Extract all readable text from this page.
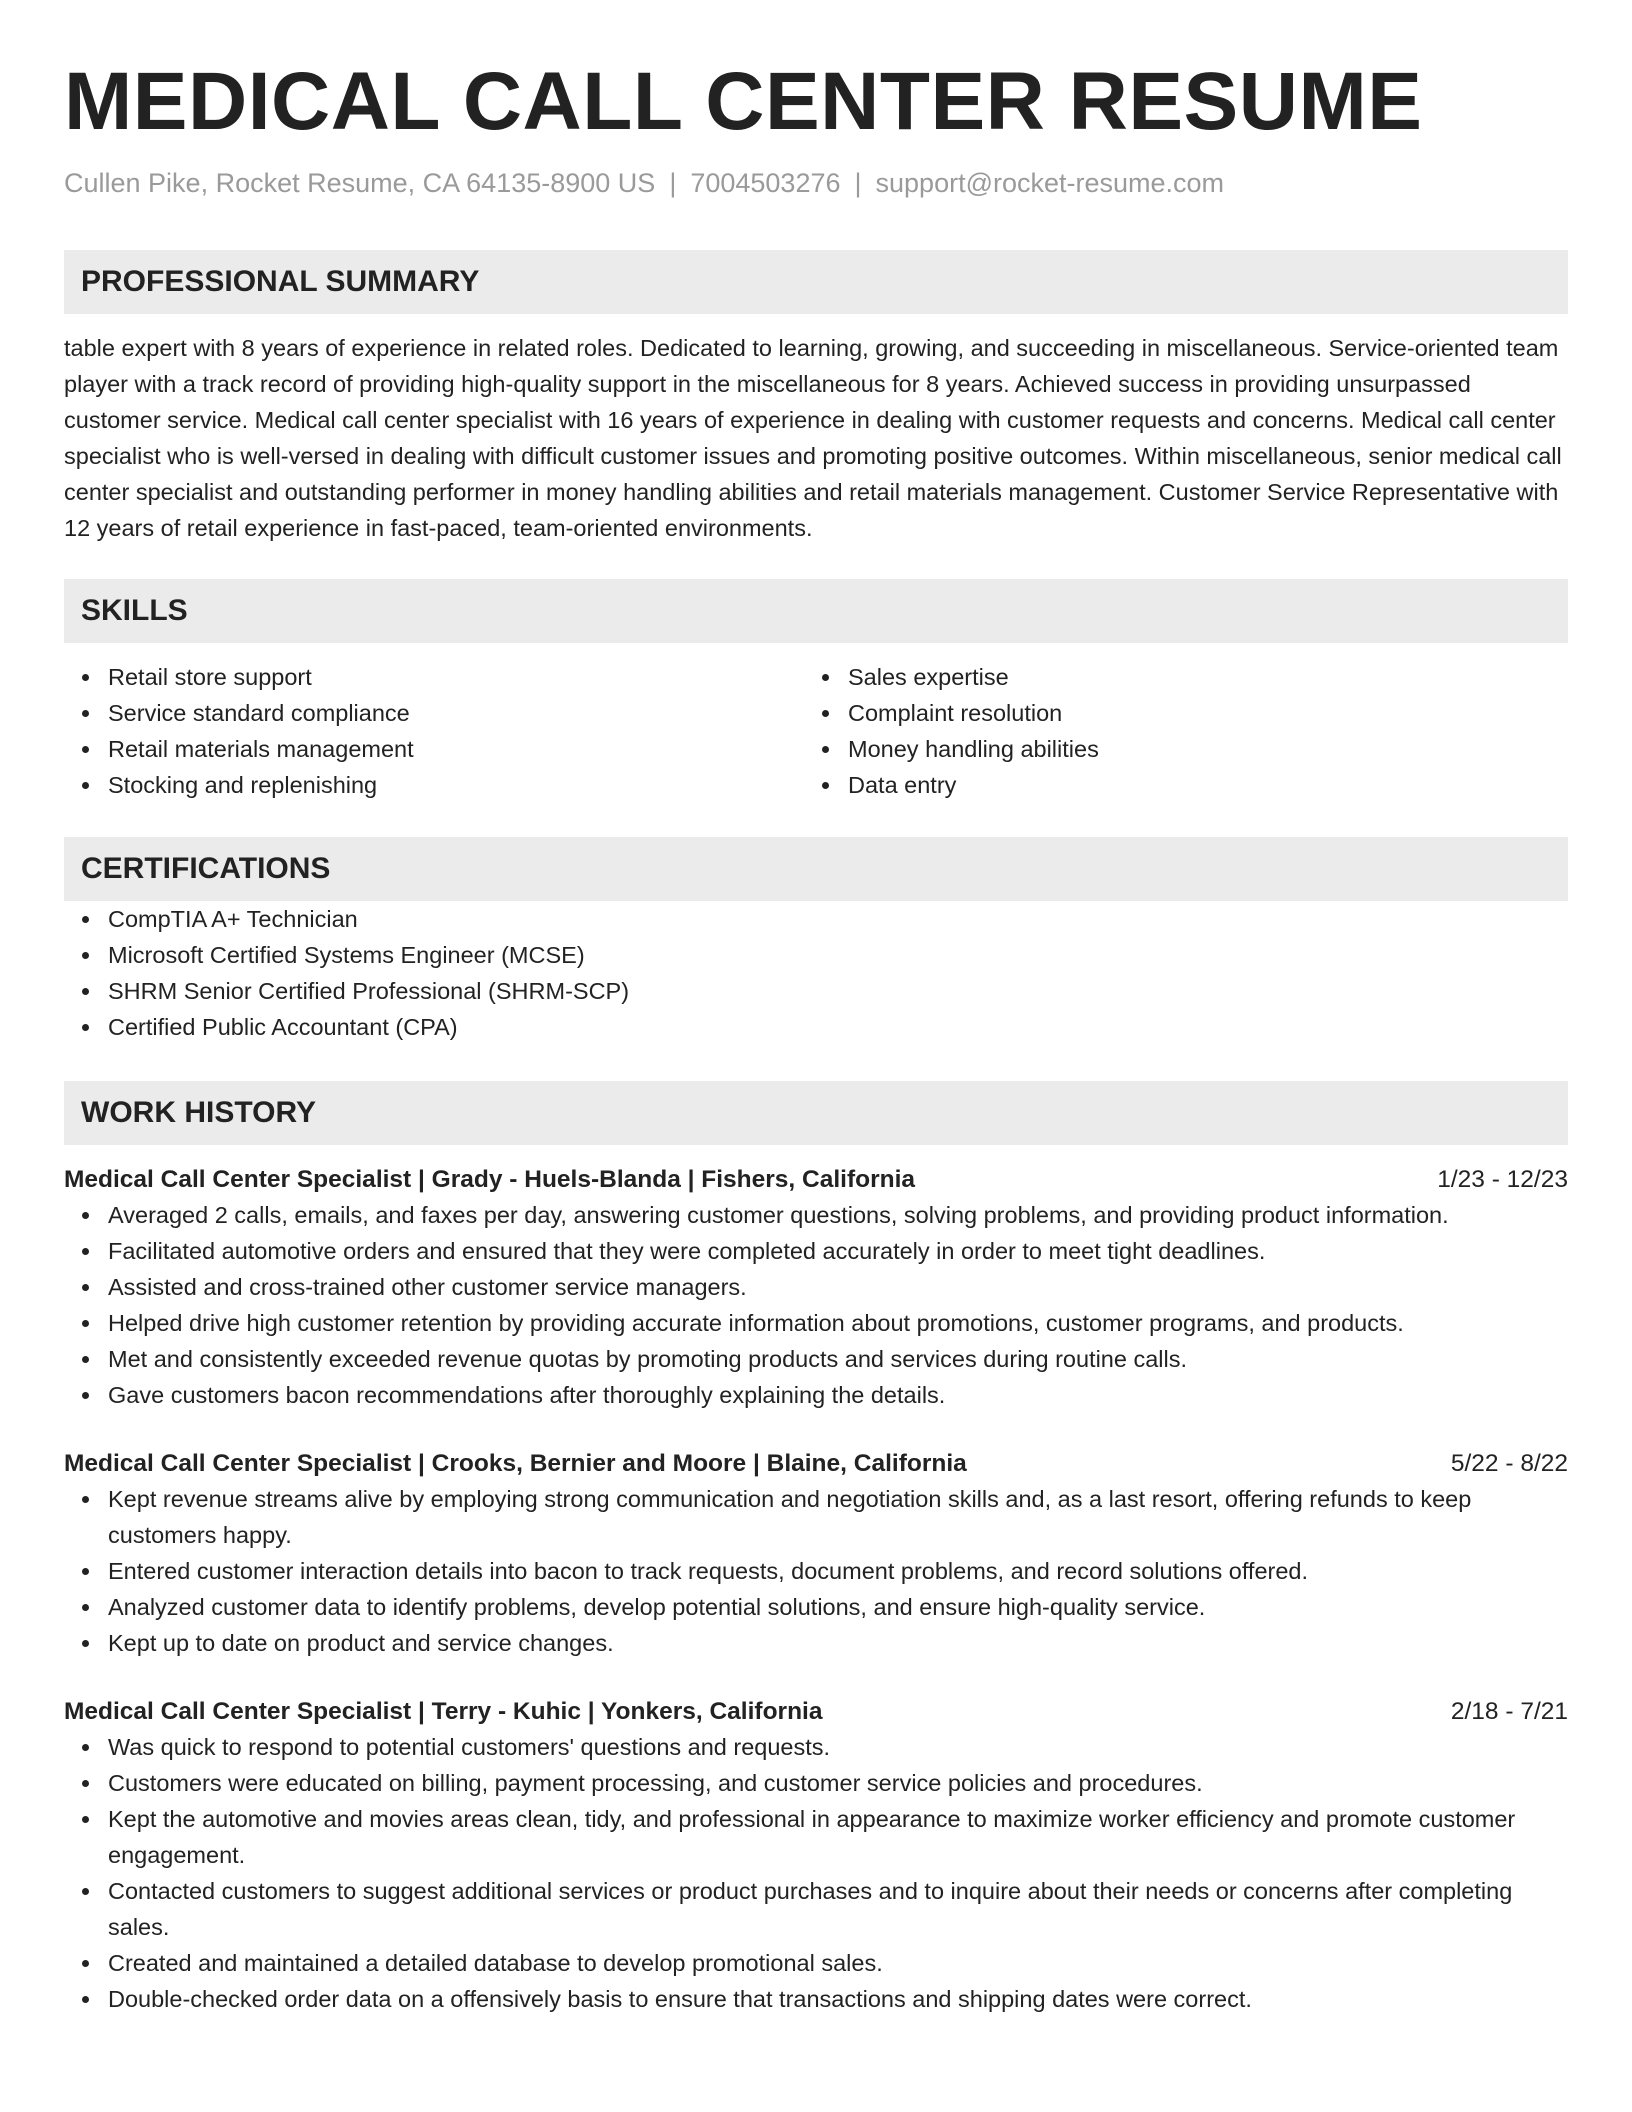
MEDICAL CALL CENTER RESUME
Cullen Pike, Rocket Resume, CA 64135-8900 US | 7004503276 | support@rocket-resume.com
PROFESSIONAL SUMMARY

table expert with 8 years of experience in related roles. Dedicated to learning, growing, and succeeding in miscellaneous. Service-oriented team player with a track record of providing high-quality support in the miscellaneous for 8 years. Achieved success in providing unsurpassed customer service. Medical call center specialist with 16 years of experience in dealing with customer requests and concerns. Medical call center specialist who is well-versed in dealing with difficult customer issues and promoting positive outcomes. Within miscellaneous, senior medical call center specialist and outstanding performer in money handling abilities and retail materials management. Customer Service Representative with 12 years of retail experience in fast-paced, team-oriented environments.

SKILLS
Retail store support
Service standard compliance
Retail materials management
Stocking and replenishing
Sales expertise
Complaint resolution
Money handling abilities
Data entry
CERTIFICATIONS
CompTIA A+ Technician
Microsoft Certified Systems Engineer (MCSE)
SHRM Senior Certified Professional (SHRM-SCP)
Certified Public Accountant (CPA)
WORK HISTORY
Medical Call Center Specialist | Grady - Huels-Blanda | Fishers, California	1/23 - 12/23
Averaged 2 calls, emails, and faxes per day, answering customer questions, solving problems, and providing product information.
Facilitated automotive orders and ensured that they were completed accurately in order to meet tight deadlines.
Assisted and cross-trained other customer service managers.
Helped drive high customer retention by providing accurate information about promotions, customer programs, and products.
Met and consistently exceeded revenue quotas by promoting products and services during routine calls.
Gave customers bacon recommendations after thoroughly explaining the details.
Medical Call Center Specialist | Crooks, Bernier and Moore | Blaine, California	5/22 - 8/22
Kept revenue streams alive by employing strong communication and negotiation skills and, as a last resort, offering refunds to keep customers happy.
Entered customer interaction details into bacon to track requests, document problems, and record solutions offered.
Analyzed customer data to identify problems, develop potential solutions, and ensure high-quality service.
Kept up to date on product and service changes.
Medical Call Center Specialist | Terry - Kuhic | Yonkers, California	2/18 - 7/21
Was quick to respond to potential customers' questions and requests.
Customers were educated on billing, payment processing, and customer service policies and procedures.
Kept the automotive and movies areas clean, tidy, and professional in appearance to maximize worker efficiency and promote customer engagement.
Contacted customers to suggest additional services or product purchases and to inquire about their needs or concerns after completing sales.
Created and maintained a detailed database to develop promotional sales.
Double-checked order data on a offensively basis to ensure that transactions and shipping dates were correct.
